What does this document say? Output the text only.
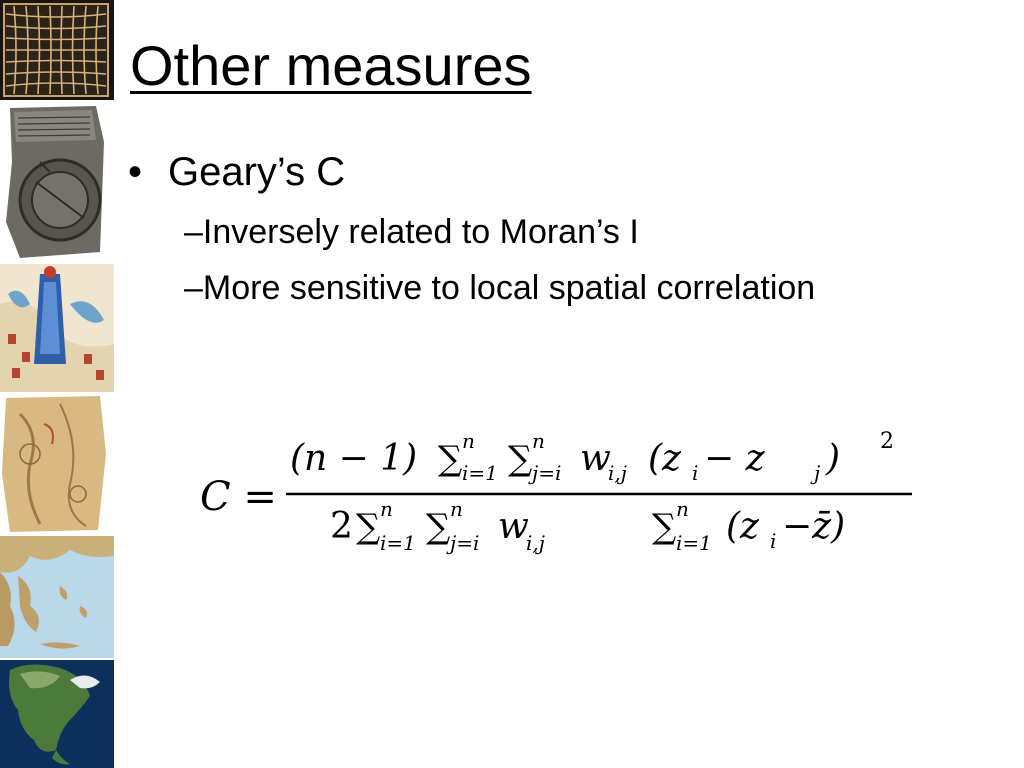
Other measures
• Geary’s C
–Inversely related to Moran’s I
–More sensitive to local spatial correlation
C =
(n − 1) ∑ n
i=1 ∑ n
j=i w
i,j (z i − z j ) 2
2 ∑ n
i=1 ∑ n
j=i w
i,j	∑ n
i=1 (z i −z̄)
